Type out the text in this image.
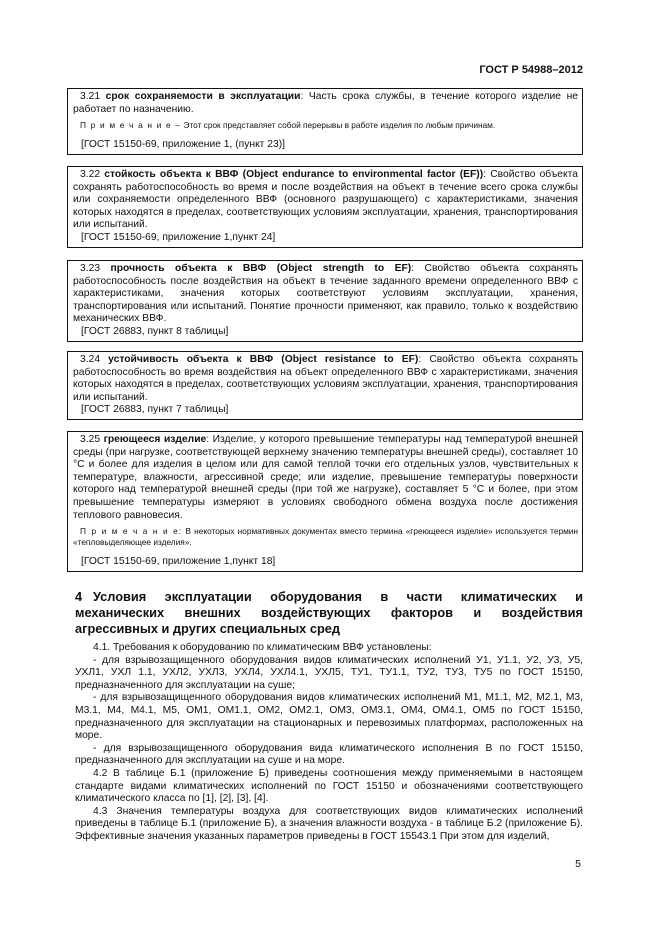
ГОСТ Р 54988–2012

3.21 срок сохраняемости в эксплуатации: Часть срока службы, в течение которого изделие не работает по назначению.

П р и м е ч а н и е – Этот срок представляет собой перерывы в работе изделия по любым причинам.

[ГОСТ 15150-69, приложение 1, (пункт 23)]

3.22 стойкость объекта к ВВФ (Object endurance to environmental factor (EF)): Свойство объекта сохранять работоспособность во время и после воздействия на объект в течение всего срока службы или сохраняемости определенного ВВФ (основного разрушающего) с характеристиками, значения которых находятся в пределах, соответствующих условиям эксплуатации, хранения, транспортирования или испытаний.

[ГОСТ 15150-69, приложение 1,пункт 24]

3.23 прочность объекта к ВВФ (Object strength to EF): Свойство объекта сохранять работоспособность после воздействия на объект в течение заданного времени определенного ВВФ с характеристиками, значения которых соответствуют условиям эксплуатации, хранения, транспортирования или испытаний. Понятие прочности применяют, как правило, только к воздействию механических ВВФ.

[ГОСТ 26883, пункт 8 таблицы]

3.24 устойчивость объекта к ВВФ (Object resistance to EF): Свойство объекта сохранять работоспособность во время воздействия на объект определенного ВВФ с характеристиками, значения которых находятся в пределах, соответствующих условиям эксплуатации, хранения, транспортирования или испытаний.

[ГОСТ 26883, пункт 7 таблицы]

3.25 греющееся изделие: Изделие, у которого превышение температуры над температурой внешней среды (при нагрузке, соответствующей верхнему значению температуры внешней среды), составляет 10 °С и более для изделия в целом или для самой теплой точки его отдельных узлов, чувствительных к температуре, влажности, агрессивной среде; или изделие, превышение температуры поверхности которого над температурой внешней среды (при той же нагрузке), составляет 5 °С и более, при этом превышение температуры измеряют в условиях свободного обмена воздуха после достижения теплового равновесия.

П р и м е ч а н и е: В некоторых нормативных документах вместо термина «греющееся изделие» используется термин «тепловыделяющее изделия».

[ГОСТ 15150-69, приложение 1,пункт 18]

4 Условия эксплуатации оборудования в части климатических и механических внешних воздействующих факторов и воздействия агрессивных и других специальных сред

4.1. Требования к оборудованию по климатическим ВВФ установлены:

- для взрывозащищенного оборудования видов климатических исполнений У1, У1.1, У2, У3, У5, УХЛ1, УХЛ 1.1, УХЛ2, УХЛ3, УХЛ4, УХЛ4.1, УХЛ5, ТУ1, ТУ1.1, ТУ2, ТУ3, ТУ5 по ГОСТ 15150, предназначенного для эксплуатации на суше;

- для взрывозащищенного оборудования видов климатических исполнений М1, М1.1, М2, М2.1, М3, М3.1, М4, М4.1, М5, ОМ1, ОМ1.1, ОМ2, ОМ2.1, ОМ3, ОМ3.1, ОМ4, ОМ4.1, ОМ5 по ГОСТ 15150, предназначенного для эксплуатации на стационарных и перевозимых платформах, расположенных на море.

- для взрывозащищенного оборудования вида климатического исполнения В по ГОСТ 15150, предназначенного для эксплуатации на суше и на море.

4.2 В таблице Б.1 (приложение Б) приведены соотношения между применяемыми в настоящем стандарте видами климатических исполнений по ГОСТ 15150 и обозначениями соответствующего климатического класса по [1], [2], [3], [4].

4.3 Значения температуры воздуха для соответствующих видов климатических исполнений приведены в таблице Б.1 (приложение Б), а значения влажности воздуха - в таблице Б.2 (приложение Б). Эффективные значения указанных параметров приведены в ГОСТ 15543.1 При этом для изделий,

5
